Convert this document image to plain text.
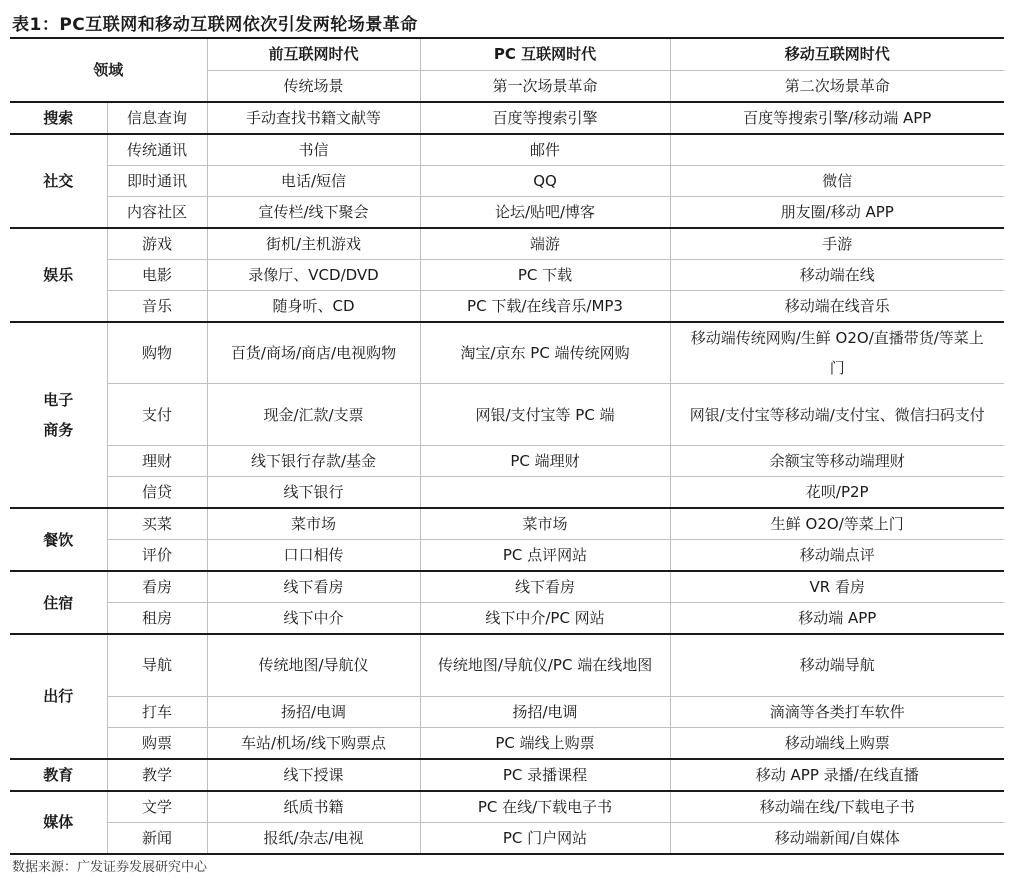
表1：PC互联网和移动互联网依次引发两轮场景革命
领域		前互联网时代	PC 互联网时代	移动互联网时代
		传统场景	第一次场景革命	第二次场景革命
搜索	信息查询	手动查找书籍文献等	百度等搜索引擎	百度等搜索引擎/移动端 APP
社交	传统通讯	书信	邮件	
	即时通讯	电话/短信	QQ	微信
	内容社区	宣传栏/线下聚会	论坛/贴吧/博客	朋友圈/移动 APP
娱乐	游戏	街机/主机游戏	端游	手游
	电影	录像厅、VCD/DVD	PC 下载	移动端在线
	音乐	随身听、CD	PC 下载/在线音乐/MP3	移动端在线音乐
电子商务	购物	百货/商场/商店/电视购物	淘宝/京东 PC 端传统网购	移动端传统网购/生鲜 O2O/直播带货/等菜上门
	支付	现金/汇款/支票	网银/支付宝等 PC 端	网银/支付宝等移动端/支付宝、微信扫码支付
	理财	线下银行存款/基金	PC 端理财	余额宝等移动端理财
	信贷	线下银行		花呗/P2P
餐饮	买菜	菜市场	菜市场	生鲜 O2O/等菜上门
	评价	口口相传	PC 点评网站	移动端点评
住宿	看房	线下看房	线下看房	VR 看房
	租房	线下中介	线下中介/PC 网站	移动端 APP
出行	导航	传统地图/导航仪	传统地图/导航仪/PC 端在线地图	移动端导航
	打车	扬招/电调	扬招/电调	滴滴等各类打车软件
	购票	车站/机场/线下购票点	PC 端线上购票	移动端线上购票
教育	教学	线下授课	PC 录播课程	移动 APP 录播/在线直播
媒体	文学	纸质书籍	PC 在线/下载电子书	移动端在线/下载电子书
	新闻	报纸/杂志/电视	PC 门户网站	移动端新闻/自媒体
数据来源：广发证券发展研究中心
